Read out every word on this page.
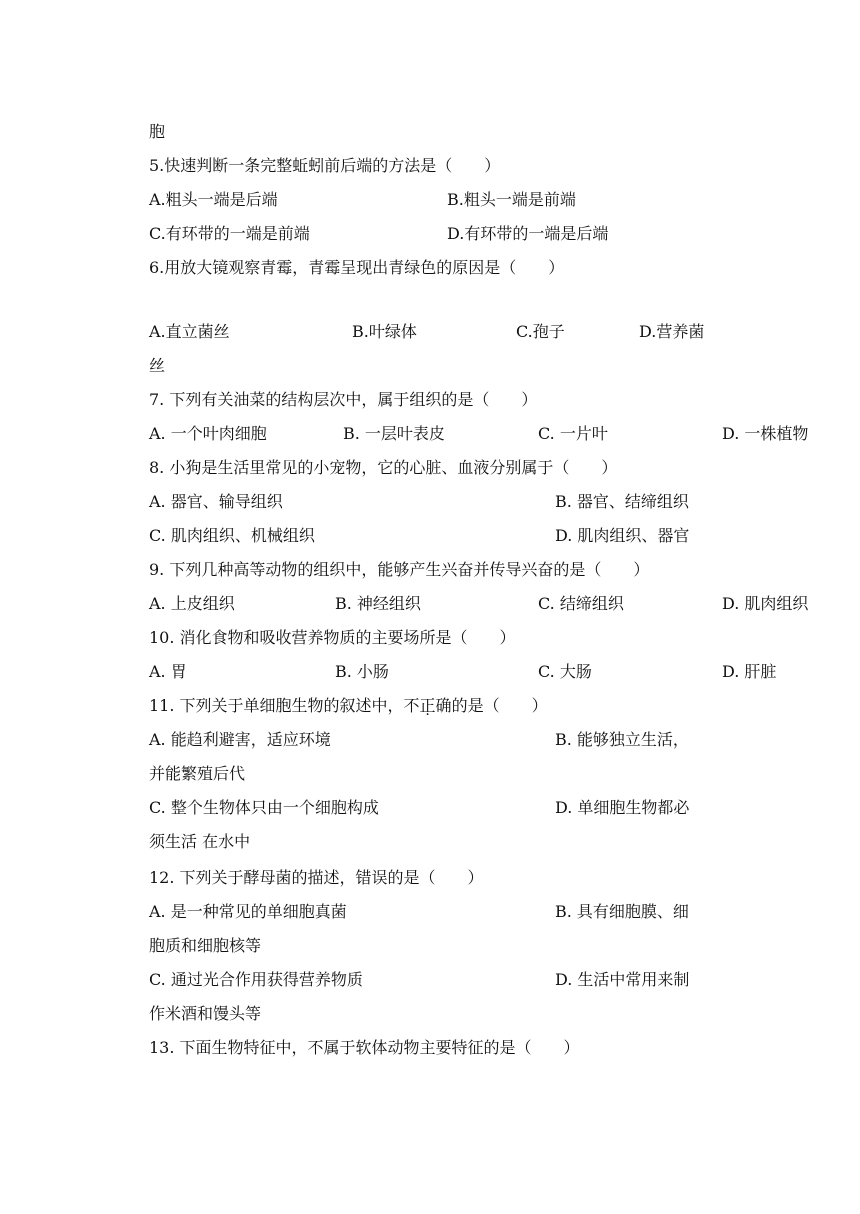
胞
5.快速判断一条完整蚯蚓前后端的方法是（　　）
A.粗头一端是后端	B.粗头一端是前端
C.有环带的一端是前端	D.有环带的一端是后端
6.用放大镜观察青霉，青霉呈现出青绿色的原因是（　　）
A.直立菌丝	B.叶绿体	C.孢子	D.营养菌
丝
7. 下列有关油菜的结构层次中，属于组织的是（　　）
A. 一个叶肉细胞	B. 一层叶表皮	C. 一片叶	D. 一株植物
8. 小狗是生活里常见的小宠物，它的心脏、血液分别属于（　　）
A. 器官、输导组织	B. 器官、结缔组织
C. 肌肉组织、机械组织	D. 肌肉组织、器官
9. 下列几种高等动物的组织中，能够产生兴奋并传导兴奋的是（　　）
A. 上皮组织	B. 神经组织	C. 结缔组织	D. 肌肉组织
10. 消化食物和吸收营养物质的主要场所是（　　）
A. 胃	B. 小肠	C. 大肠	D. 肝脏
11. 下列关于单细胞生物的叙述中，不正确的是（　　）
A. 能趋利避害，适应环境	B. 能够独立生活，
并能繁殖后代
C. 整个生物体只由一个细胞构成	D. 单细胞生物都必
须生活 在水中
12. 下列关于酵母菌的描述，错误的是（　　）
A. 是一种常见的单细胞真菌	B. 具有细胞膜、细
胞质和细胞核等
C. 通过光合作用获得营养物质	D. 生活中常用来制
作米酒和馒头等
13. 下面生物特征中，不属于软体动物主要特征的是（　　）
